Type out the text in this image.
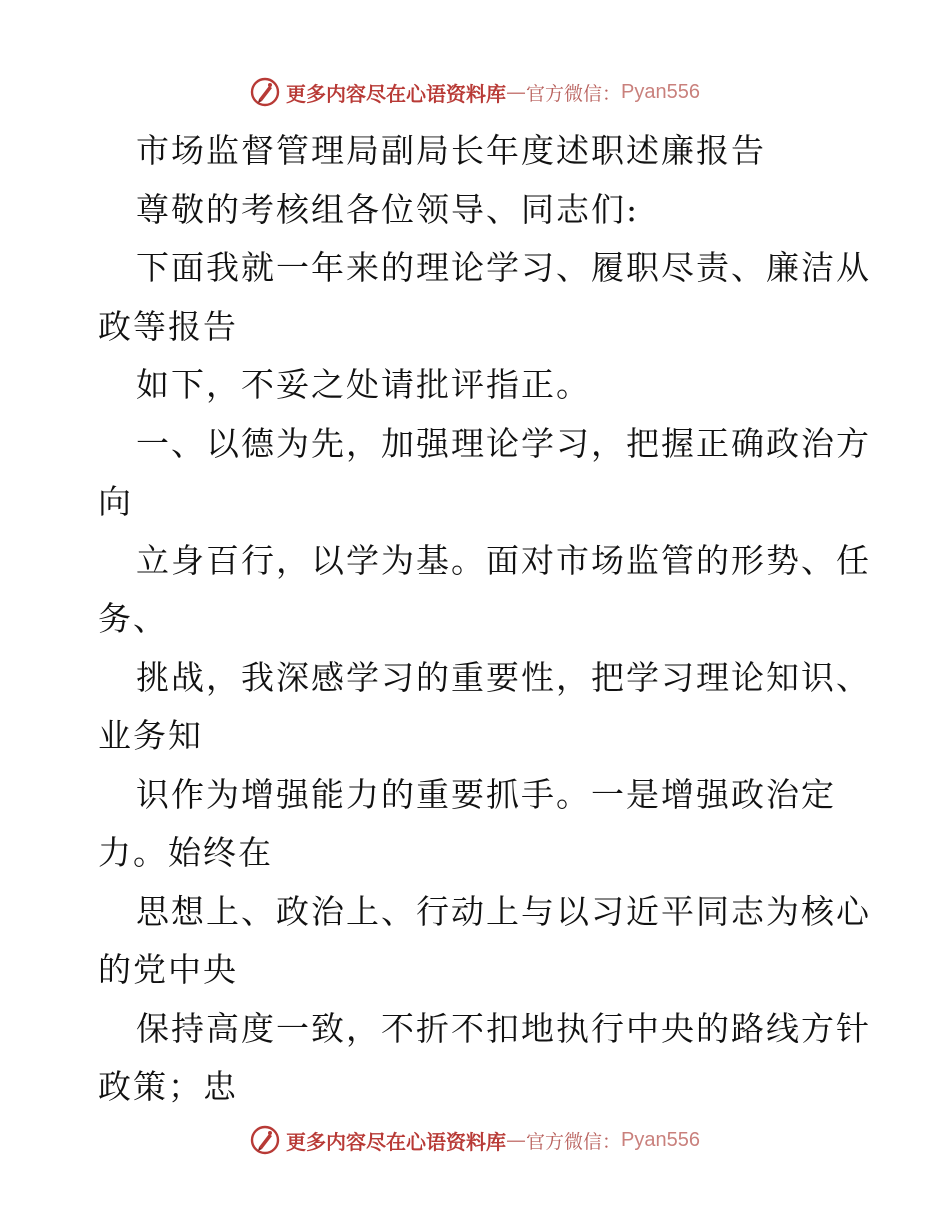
更多内容尽在心语资料库 — 官方微信： Pyan556

市场监督管理局副局长年度述职述廉报告

尊敬的考核组各位领导、同志们:

下面我就一年来的理论学习、履职尽责、廉洁从

政等报告

如下，不妥之处请批评指正。

一、以德为先，加强理论学习，把握正确政治方

向

立身百行，以学为基。面对市场监管的形势、任

务、

挑战，我深感学习的重要性，把学习理论知识、

业务知

识作为增强能力的重要抓手。一是增强政治定

力。始终在

思想上、政治上、行动上与以习近平同志为核心

的党中央

保持高度一致，不折不扣地执行中央的路线方针

政策；忠

更多内容尽在心语资料库 — 官方微信： Pyan556
